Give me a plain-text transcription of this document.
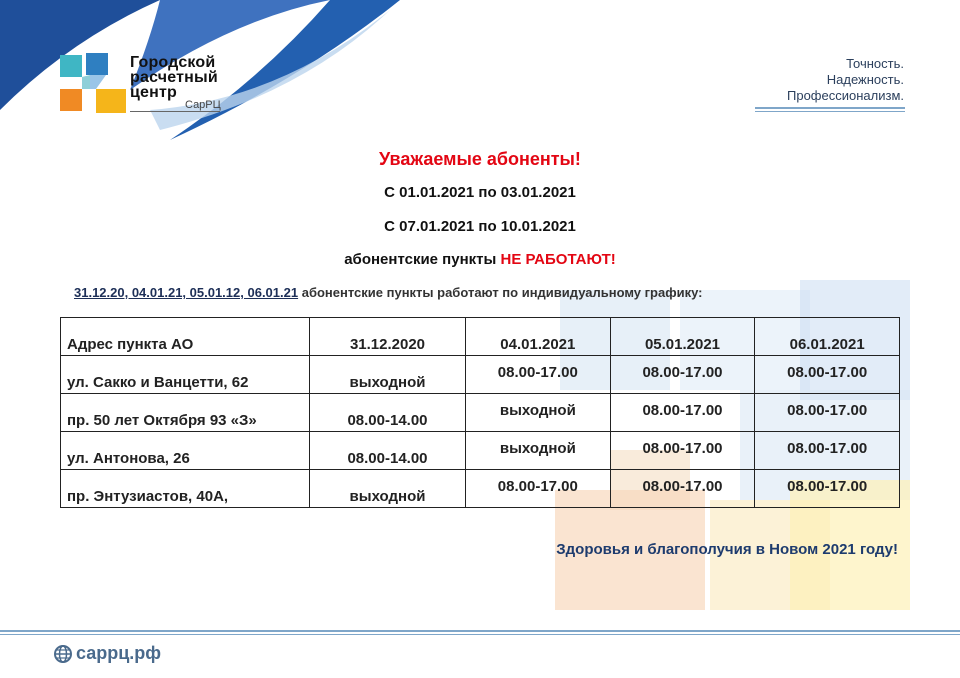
Городской
расчетный
центр
СарРЦ
Точность.
Надежность.
Профессионализм.
Уважаемые абоненты!
С 01.01.2021 по 03.01.2021
С 07.01.2021 по 10.01.2021
абонентские пункты НЕ РАБОТАЮТ!
31.12.20, 04.01.21, 05.01.12, 06.01.21 абонентские пункты работают по индивидуальному графику:
Адрес пункта АО	31.12.2020	04.01.2021	05.01.2021	06.01.2021
ул. Сакко и Ванцетти, 62	выходной	08.00-17.00	08.00-17.00	08.00-17.00
пр. 50 лет Октября 93 «З»	08.00-14.00	выходной	08.00-17.00	08.00-17.00
ул. Антонова, 26	08.00-14.00	выходной	08.00-17.00	08.00-17.00
пр. Энтузиастов, 40А,	выходной	08.00-17.00	08.00-17.00	08.00-17.00
Здоровья и благополучия в Новом 2021 году!
саррц.рф
